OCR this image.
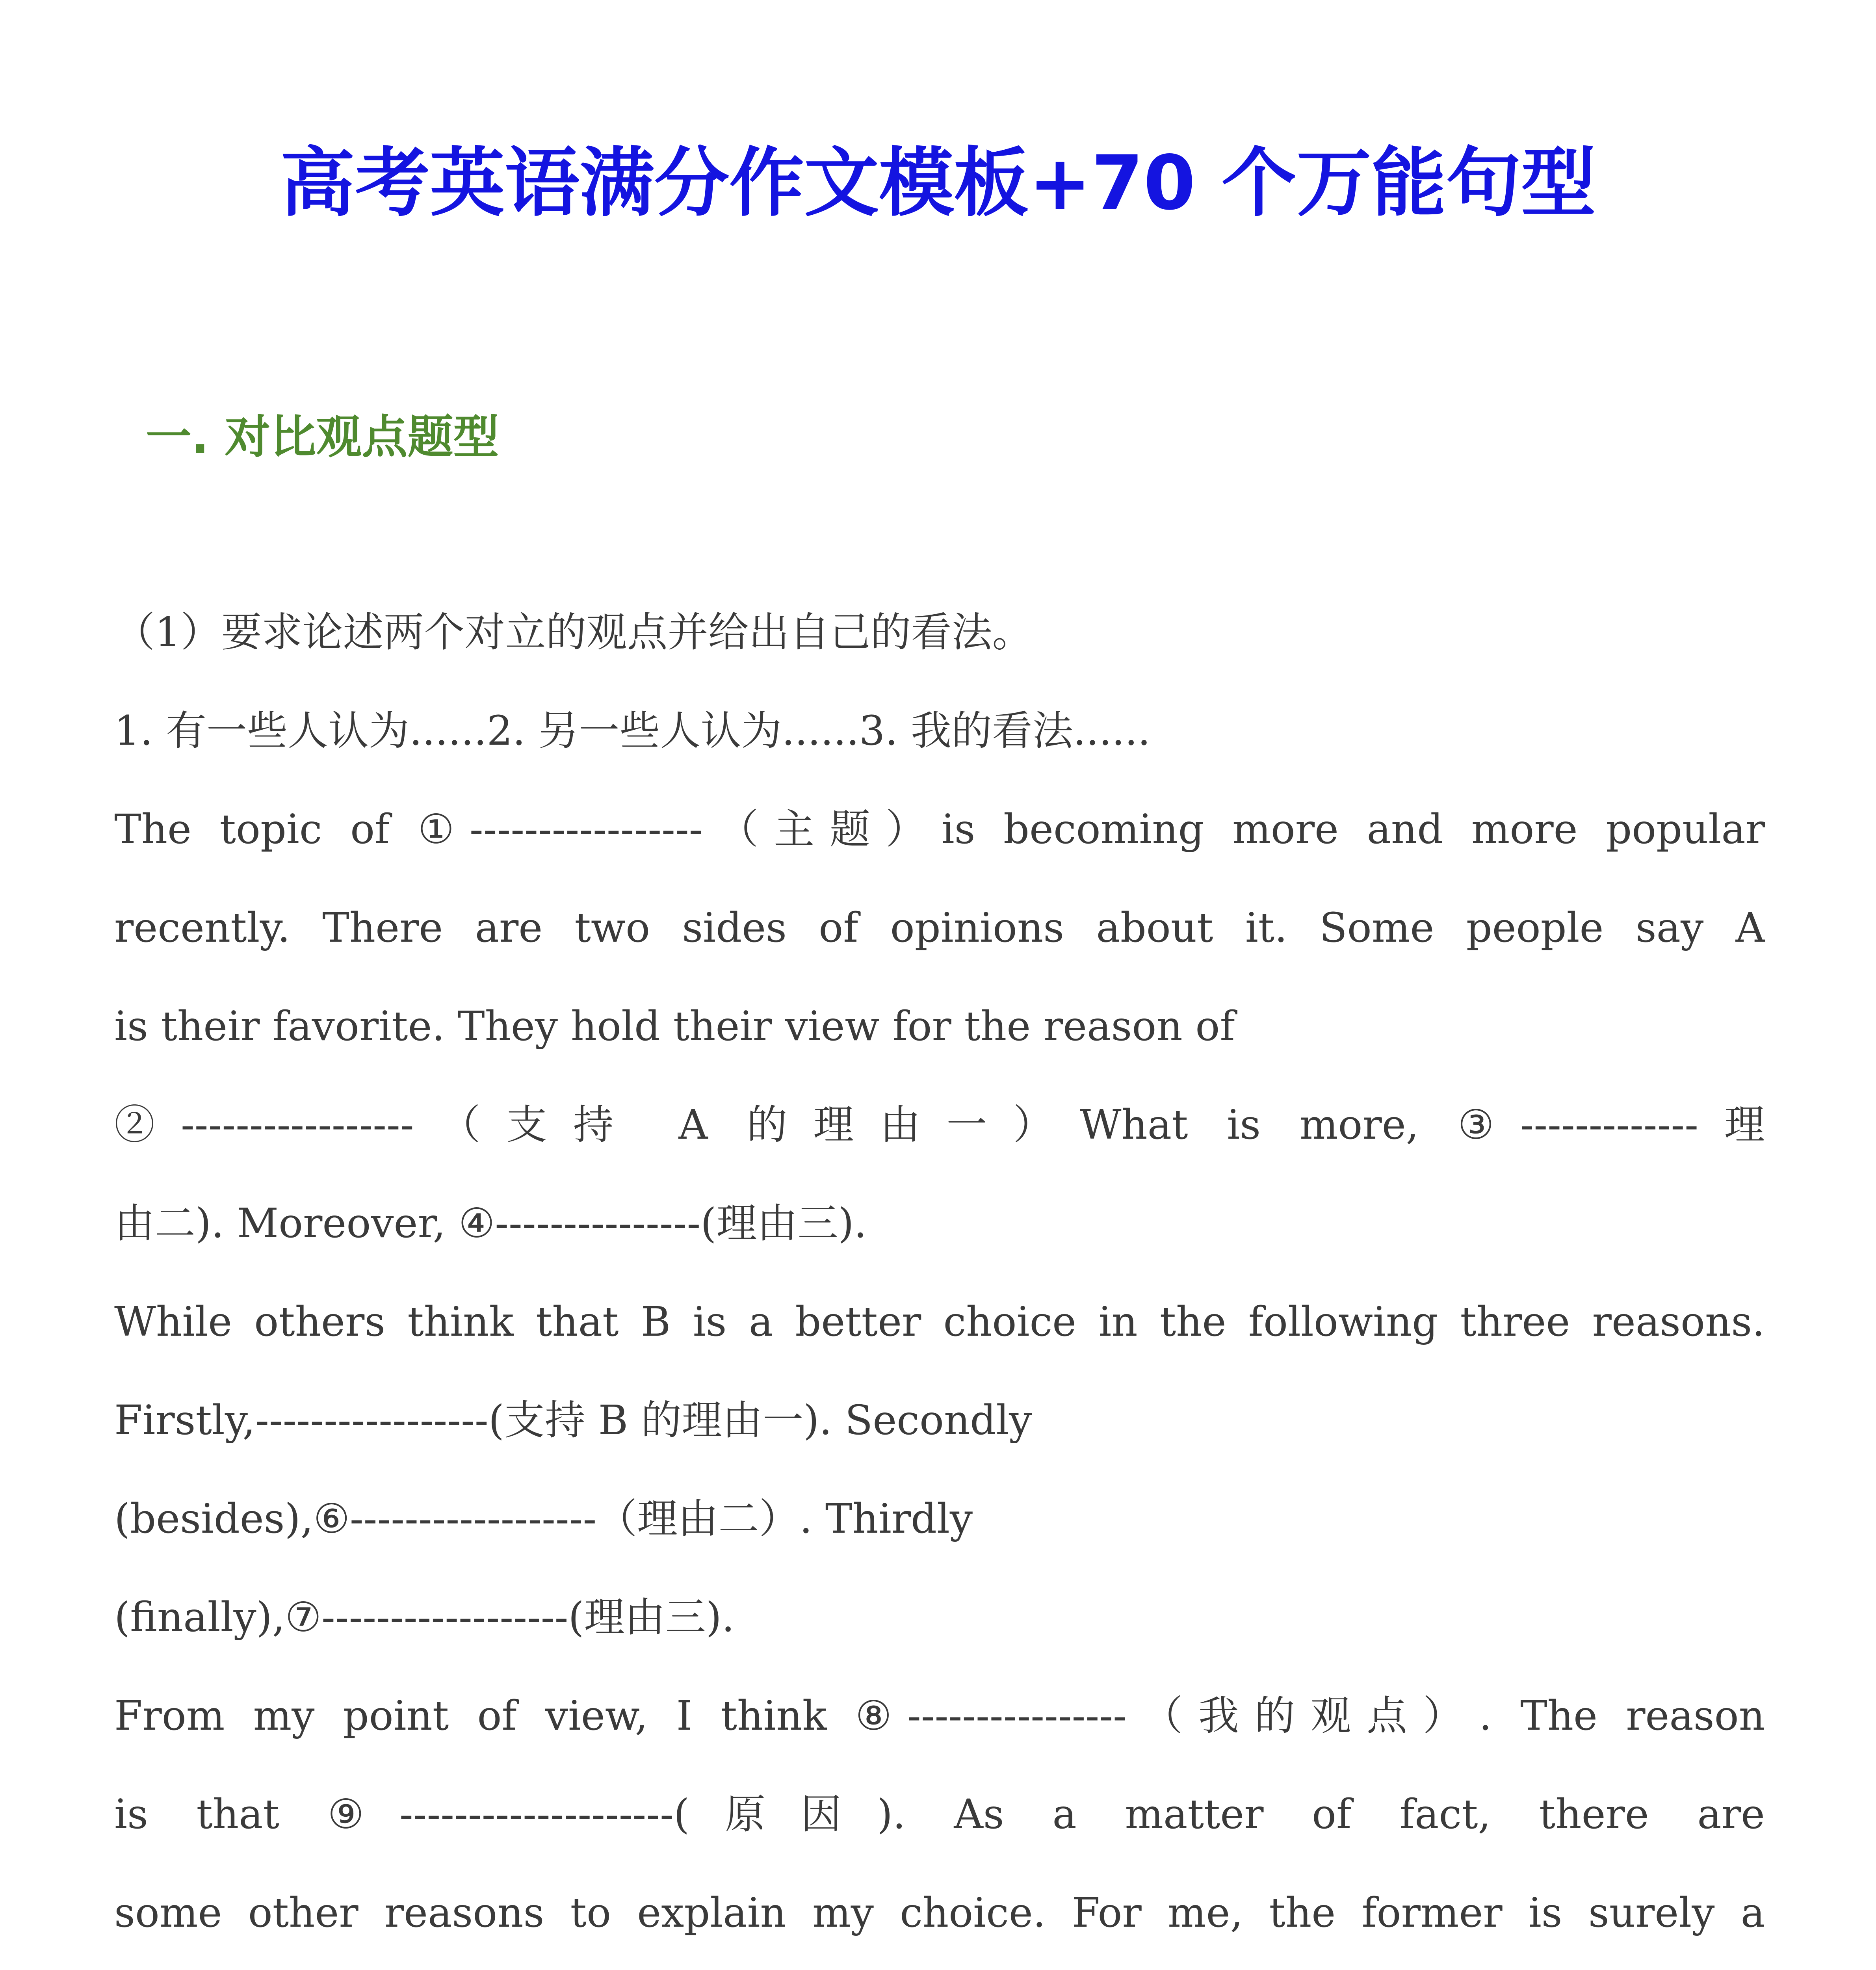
高考英语满分作文模板+70 个万能句型
一. 对比观点题型
（1）要求论述两个对立的观点并给出自己的看法。
1. 有一些人认为......2. 另一些人认为......3. 我的看法......
The topic of ①-----------------（主题）is becoming more and more popular
recently. There are two sides of opinions about it. Some people say A
is their favorite. They hold their view for the reason of
②-----------------（支持 A 的理由一）What is more, ③-------------理
由二). Moreover, ④---------------(理由三).
While others think that B is a better choice in the following three reasons.
Firstly,-----------------(支持 B 的理由一). Secondly
(besides),⑥------------------（理由二）. Thirdly
(finally),⑦------------------(理由三).
From my point of view, I think ⑧----------------（我的观点）. The reason
is that ⑨--------------------(原因). As a matter of fact, there are
some other reasons to explain my choice. For me, the former is surely a
